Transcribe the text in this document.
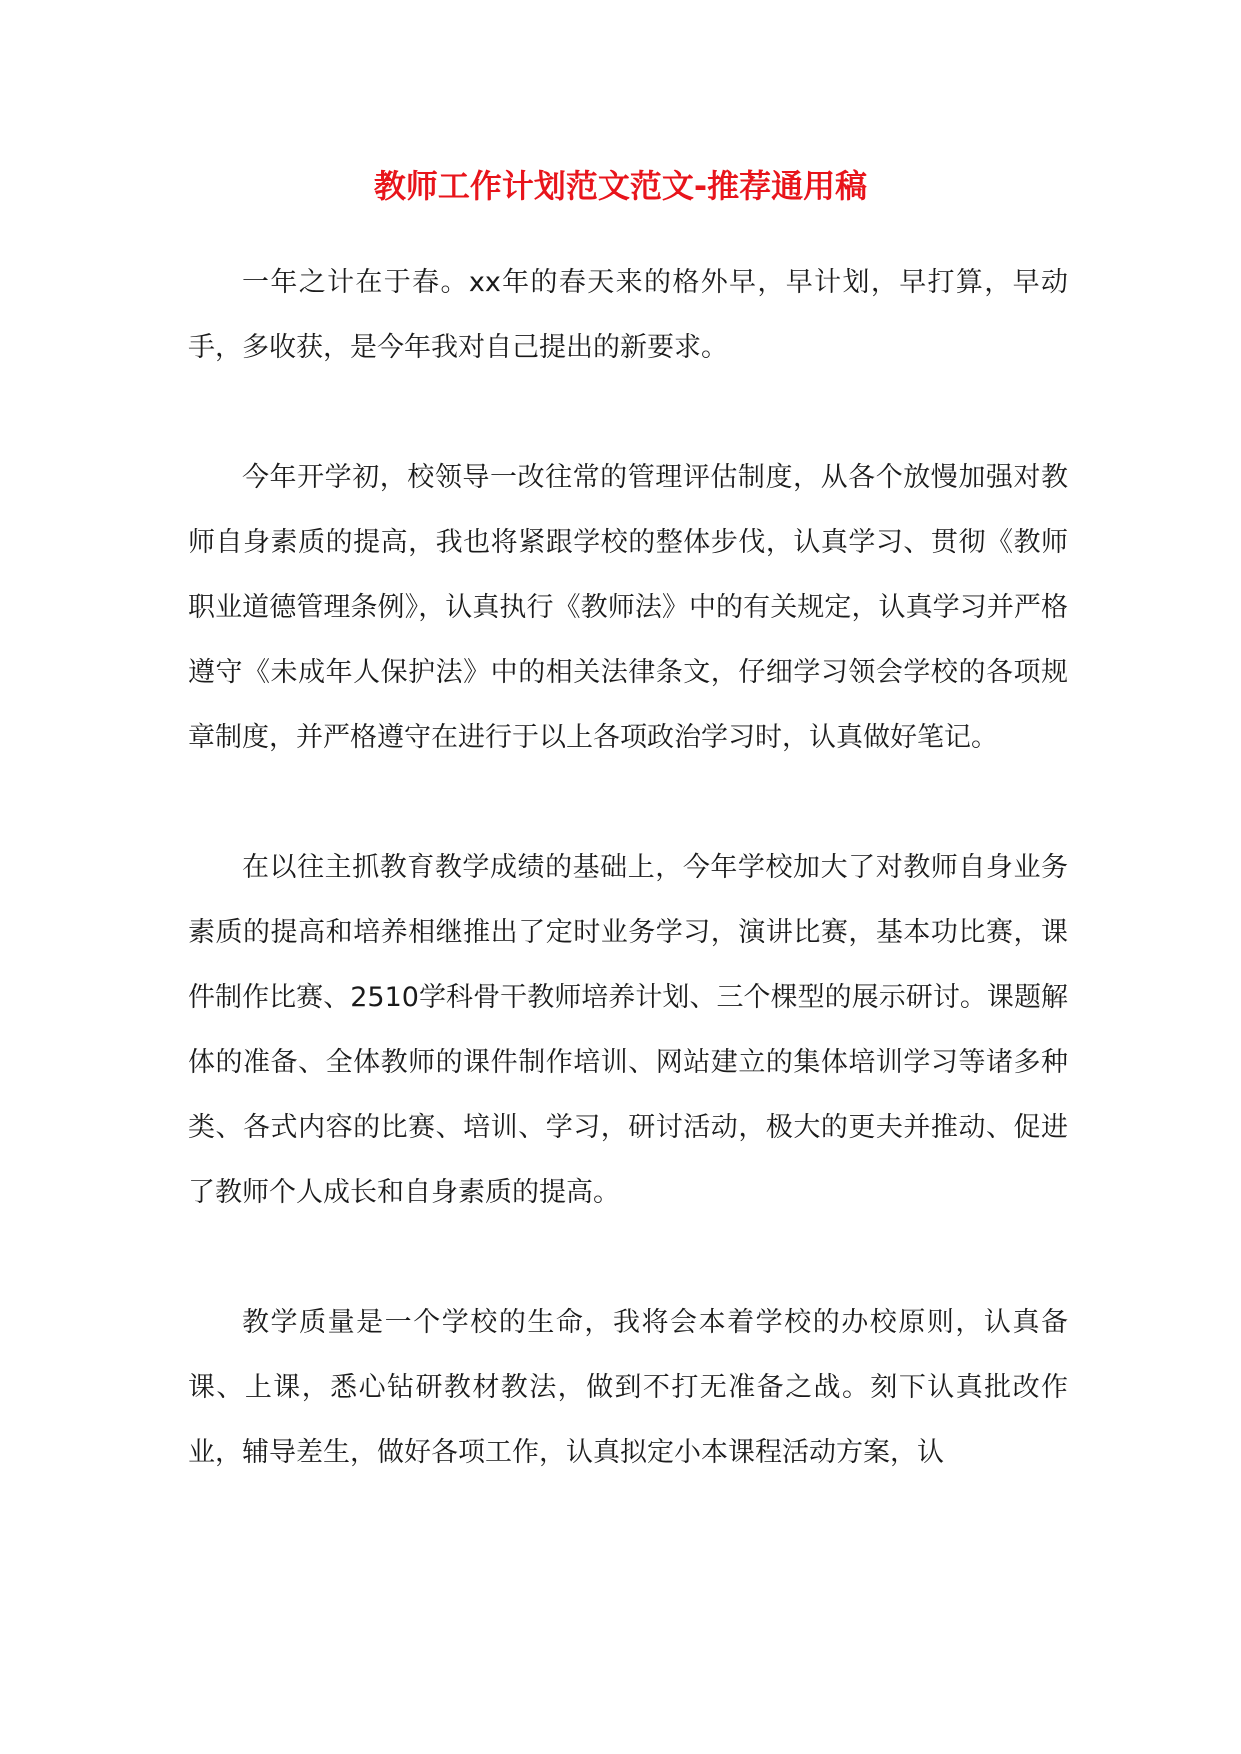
教师工作计划范文范文-推荐通用稿

一年之计在于春。xx年的春天来的格外早，早计划，早打算，早动手，多收获，是今年我对自己提出的新要求。

今年开学初，校领导一改往常的管理评估制度，从各个放慢加强对教师自身素质的提高，我也将紧跟学校的整体步伐，认真学习、贯彻《教师职业道德管理条例》，认真执行《教师法》中的有关规定，认真学习并严格遵守《未成年人保护法》中的相关法律条文，仔细学习领会学校的各项规章制度，并严格遵守在进行于以上各项政治学习时，认真做好笔记。

在以往主抓教育教学成绩的基础上，今年学校加大了对教师自身业务素质的提高和培养相继推出了定时业务学习，演讲比赛，基本功比赛，课件制作比赛、2510学科骨干教师培养计划、三个棵型的展示研讨。课题解体的准备、全体教师的课件制作培训、网站建立的集体培训学习等诸多种类、各式内容的比赛、培训、学习，研讨活动，极大的更夫并推动、促进了教师个人成长和自身素质的提高。

教学质量是一个学校的生命，我将会本着学校的办校原则，认真备课、上课，悉心钻研教材教法，做到不打无准备之战。刻下认真批改作业，辅导差生，做好各项工作，认真拟定小本课程活动方案，认
